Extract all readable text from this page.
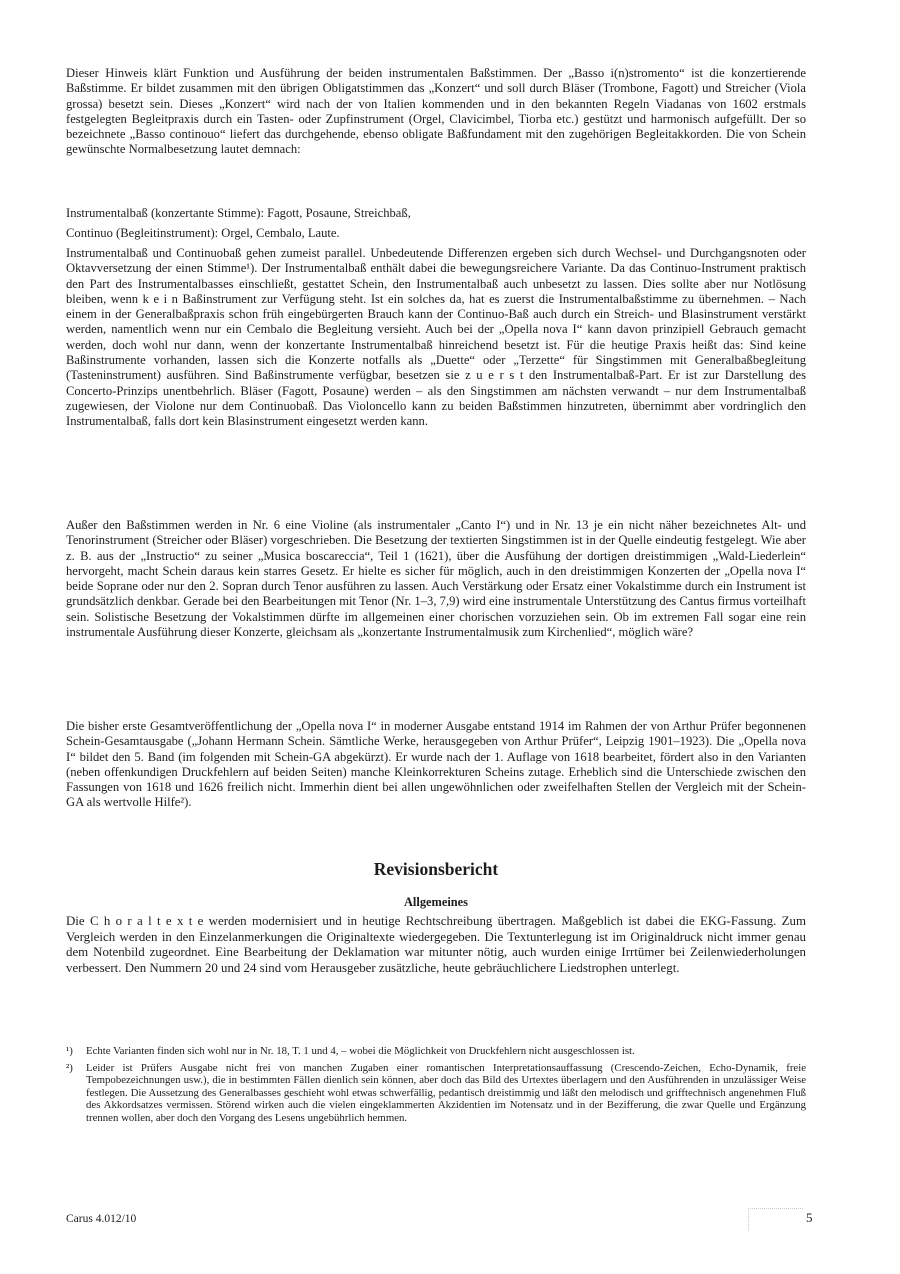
Dieser Hinweis klärt Funktion und Ausführung der beiden instrumentalen Baßstimmen. Der „Basso i(n)stromento“ ist die konzertierende Baßstimme. Er bildet zusammen mit den übrigen Obligatstimmen das „Konzert“ und soll durch Bläser (Trombone, Fagott) und Streicher (Viola grossa) besetzt sein. Dieses „Konzert“ wird nach der von Italien kommenden und in den bekannten Regeln Viadanas von 1602 erstmals festgelegten Begleitpraxis durch ein Tasten- oder Zupfinstrument (Orgel, Clavicimbel, Tiorba etc.) gestützt und harmonisch aufgefüllt. Der so bezeichnete „Basso continouo“ liefert das durchgehende, ebenso obligate Baßfundament mit den zugehörigen Begleitakkorden. Die von Schein gewünschte Normalbesetzung lautet demnach:

Instrumentalbaß (konzertante Stimme): Fagott, Posaune, Streichbaß,
Continuo (Begleitinstrument): Orgel, Cembalo, Laute.

Instrumentalbaß und Continuobaß gehen zumeist parallel. Unbedeutende Differenzen ergeben sich durch Wechsel- und Durchgangsnoten oder Oktavversetzung der einen Stimme¹). Der Instrumentalbaß enthält dabei die bewegungsreichere Variante. Da das Continuo-Instrument praktisch den Part des Instrumentalbasses einschließt, gestattet Schein, den Instrumentalbaß auch unbesetzt zu lassen. Dies sollte aber nur Notlösung bleiben, wenn k e i n Baßinstrument zur Verfügung steht. Ist ein solches da, hat es zuerst die Instrumentalbaßstimme zu übernehmen. – Nach einem in der Generalbaßpraxis schon früh eingebürgerten Brauch kann der Continuo-Baß auch durch ein Streich- und Blasinstrument verstärkt werden, namentlich wenn nur ein Cembalo die Begleitung versieht. Auch bei der „Opella nova I“ kann davon prinzipiell Gebrauch gemacht werden, doch wohl nur dann, wenn der konzertante Instrumentalbaß hinreichend besetzt ist. Für die heutige Praxis heißt das: Sind keine Baßinstrumente vorhanden, lassen sich die Konzerte notfalls als „Duette“ oder „Terzette“ für Singstimmen mit Generalbaßbegleitung (Tasteninstrument) ausführen. Sind Baßinstrumente verfügbar, besetzen sie z u e r s t den Instrumentalbaß-Part. Er ist zur Darstellung des Concerto-Prinzips unentbehrlich. Bläser (Fagott, Posaune) werden – als den Singstimmen am nächsten verwandt – nur dem Instrumentalbaß zugewiesen, der Violone nur dem Continuobaß. Das Violoncello kann zu beiden Baßstimmen hinzutreten, übernimmt aber vordringlich den Instrumentalbaß, falls dort kein Blasinstrument eingesetzt werden kann.

Außer den Baßstimmen werden in Nr. 6 eine Violine (als instrumentaler „Canto I“) und in Nr. 13 je ein nicht näher bezeichnetes Alt- und Tenorinstrument (Streicher oder Bläser) vorgeschrieben. Die Besetzung der textierten Singstimmen ist in der Quelle eindeutig festgelegt. Wie aber z. B. aus der „Instructio“ zu seiner „Musica boscareccia“, Teil 1 (1621), über die Ausfühung der dortigen dreistimmigen „Wald-Liederlein“ hervorgeht, macht Schein daraus kein starres Gesetz. Er hielte es sicher für möglich, auch in den dreistimmigen Konzerten der „Opella nova I“ beide Soprane oder nur den 2. Sopran durch Tenor ausführen zu lassen. Auch Verstärkung oder Ersatz einer Vokalstimme durch ein Instrument ist grundsätzlich denkbar. Gerade bei den Bearbeitungen mit Tenor (Nr. 1–3, 7,9) wird eine instrumentale Unterstützung des Cantus firmus vorteilhaft sein. Solistische Besetzung der Vokalstimmen dürfte im allgemeinen einer chorischen vorzuziehen sein. Ob im extremen Fall sogar eine rein instrumentale Ausführung dieser Konzerte, gleichsam als „konzertante Instrumentalmusik zum Kirchenlied“, möglich wäre?

Die bisher erste Gesamtveröffentlichung der „Opella nova I“ in moderner Ausgabe entstand 1914 im Rahmen der von Arthur Prüfer begonnenen Schein-Gesamtausgabe („Johann Hermann Schein. Sämtliche Werke, herausgegeben von Arthur Prüfer“, Leipzig 1901–1923). Die „Opella nova I“ bildet den 5. Band (im folgenden mit Schein-GA abgekürzt). Er wurde nach der 1. Auflage von 1618 bearbeitet, fördert also in den Varianten (neben offenkundigen Druckfehlern auf beiden Seiten) manche Kleinkorrekturen Scheins zutage. Erheblich sind die Unterschiede zwischen den Fassungen von 1618 und 1626 freilich nicht. Immerhin dient bei allen ungewöhnlichen oder zweifelhaften Stellen der Vergleich mit der Schein-GA als wertvolle Hilfe²).

Revisionsbericht
Allgemeines

Die C h o r a l t e x t e werden modernisiert und in heutige Rechtschreibung übertragen. Maßgeblich ist dabei die EKG-Fassung. Zum Vergleich werden in den Einzelanmerkungen die Originaltexte wiedergegeben. Die Textunterlegung ist im Originaldruck nicht immer genau dem Notenbild zugeordnet. Eine Bearbeitung der Deklamation war mitunter nötig, auch wurden einige Irrtümer bei Zeilenwiederholungen verbessert. Den Nummern 20 und 24 sind vom Herausgeber zusätzliche, heute gebräuchlichere Liedstrophen unterlegt.

¹)	Echte Varianten finden sich wohl nur in Nr. 18, T. 1 und 4, – wobei die Möglichkeit von Druckfehlern nicht ausgeschlossen ist.
²)	Leider ist Prüfers Ausgabe nicht frei von manchen Zugaben einer romantischen Interpretationsauffassung (Crescendo-Zeichen, Echo-Dynamik, freie Tempobezeichnungen usw.), die in bestimmten Fällen dienlich sein können, aber doch das Bild des Urtextes überlagern und den Ausführenden in unzulässiger Weise festlegen. Die Aussetzung des Generalbasses geschieht wohl etwas schwerfällig, pedantisch dreistimmig und läßt den melodisch und grifftechnisch angenehmen Fluß des Akkordsatzes vermissen. Störend wirken auch die vielen eingeklammerten Akzidentien im Notensatz und in der Bezifferung, die zwar Quelle und Ergänzung trennen wollen, aber doch den Vorgang des Lesens ungebührlich hemmen.
Carus 4.012/10	5
